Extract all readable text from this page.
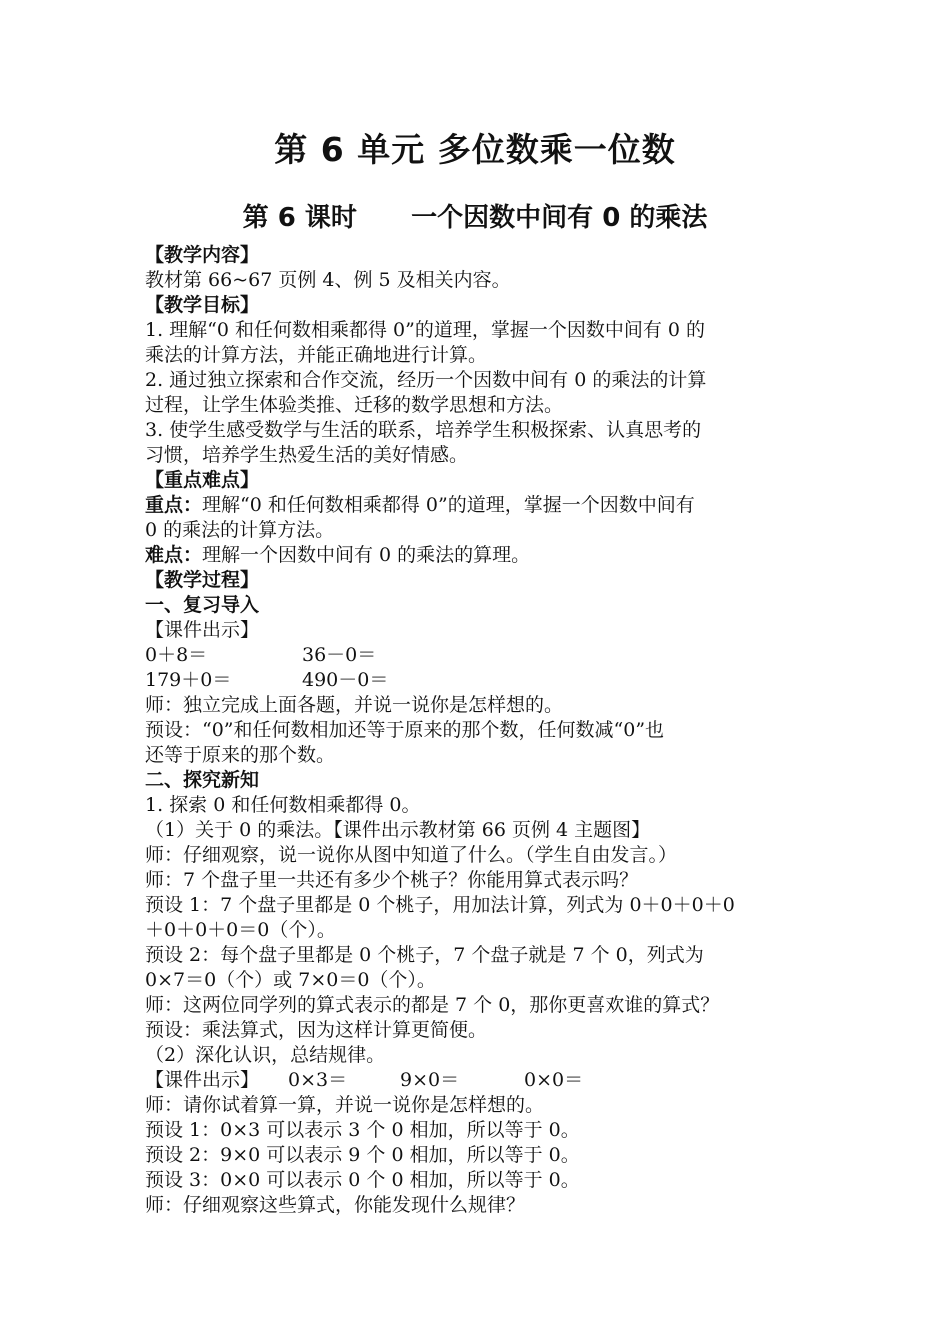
第 6 单元 多位数乘一位数
第 6 课时      一个因数中间有 0 的乘法
【教学内容】
教材第 66~67 页例 4、例 5 及相关内容。
【教学目标】
1. 理解“0 和任何数相乘都得 0”的道理，掌握一个因数中间有 0 的
乘法的计算方法，并能正确地进行计算。
2. 通过独立探索和合作交流，经历一个因数中间有 0 的乘法的计算
过程，让学生体验类推、迁移的数学思想和方法。
3. 使学生感受数学与生活的联系，培养学生积极探索、认真思考的
习惯，培养学生热爱生活的美好情感。
【重点难点】
重点：理解“0 和任何数相乘都得 0”的道理，掌握一个因数中间有
0 的乘法的计算方法。
难点：理解一个因数中间有 0 的乘法的算理。
【教学过程】
一、复习导入
【课件出示】
0＋8＝	36－0＝
179＋0＝	490－0＝
师：独立完成上面各题，并说一说你是怎样想的。
预设：“0”和任何数相加还等于原来的那个数，任何数减“0”也
还等于原来的那个数。
二、探究新知
1. 探索 0 和任何数相乘都得 0。
（1）关于 0 的乘法。【课件出示教材第 66 页例 4 主题图】
师：仔细观察，说一说你从图中知道了什么。（学生自由发言。）
师：7 个盘子里一共还有多少个桃子？你能用算式表示吗？
预设 1：7 个盘子里都是 0 个桃子，用加法计算，列式为 0＋0＋0＋0
＋0＋0＋0＝0（个）。
预设 2：每个盘子里都是 0 个桃子，7 个盘子就是 7 个 0，列式为
0×7＝0（个）或 7×0＝0（个）。
师：这两位同学列的算式表示的都是 7 个 0，那你更喜欢谁的算式？
预设：乘法算式，因为这样计算更简便。
（2）深化认识，总结规律。
【课件出示】 0×3＝	9×0＝	0×0＝
师：请你试着算一算，并说一说你是怎样想的。
预设 1：0×3 可以表示 3 个 0 相加，所以等于 0。
预设 2：9×0 可以表示 9 个 0 相加，所以等于 0。
预设 3：0×0 可以表示 0 个 0 相加，所以等于 0。
师：仔细观察这些算式，你能发现什么规律？
